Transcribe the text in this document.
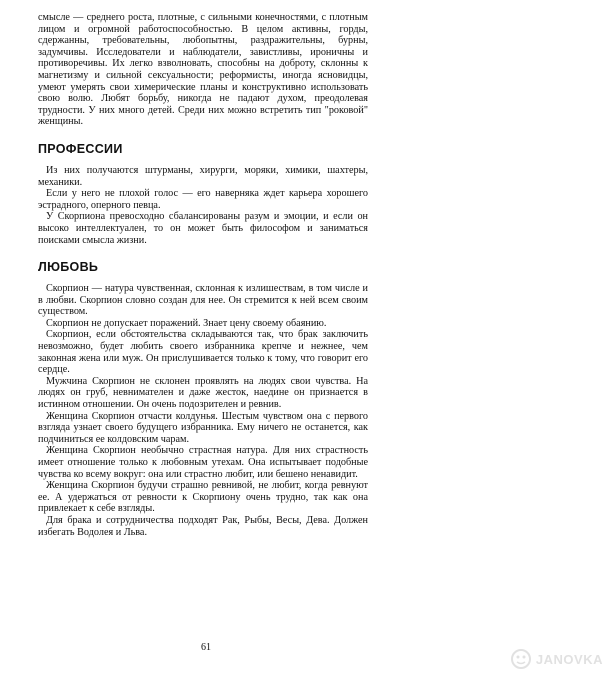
смысле — среднего роста, плотные, с сильными конечностями, с плотным лицом и огромной работоспособностью. В целом активны, горды, сдержанны, требовательны, любопытны, раздражительны, бурны, задумчивы. Исследователи и наблюдатели, завистливы, ироничны и противоречивы. Их легко взволновать, способны на доброту, склонны к магнетизму и сильной сексуальности; реформисты, иногда ясновидцы, умеют умерять свои химерические планы и конструктивно использовать свою волю. Любят борьбу, никогда не падают духом, преодолевая трудности. У них много детей. Среди них можно встретить тип "роковой" женщины.

ПРОФЕССИИ

Из них получаются штурманы, хирурги, моряки, химики, шахтеры, механики.

Если у него не плохой голос — его наверняка ждет карьера хорошего эстрадного, оперного певца.

У Скорпиона превосходно сбалансированы разум и эмоции, и если он высоко интеллектуален, то он может быть философом и заниматься поисками смысла жизни.

ЛЮБОВЬ

Скорпион — натура чувственная, склонная к излишествам, в том числе и в любви. Скорпион словно создан для нее. Он стремится к ней всем своим существом.

Скорпион не допускает поражений. Знает цену своему обаянию.

Скорпион, если обстоятельства складываются так, что брак заключить невозможно, будет любить своего избранника крепче и нежнее, чем законная жена или муж. Он прислушивается только к тому, что говорит его сердце.

Мужчина Скорпион не склонен проявлять на людях свои чувства. На людях он груб, невнимателен и даже жесток, наедине он признается в истинном отношении. Он очень подозрителен и ревнив.

Женщина Скорпион отчасти колдунья. Шестым чувством она с первого взгляда узнает своего будущего избранника. Ему ничего не останется, как подчиниться ее колдовским чарам.

Женщина Скорпион необычно страстная натура. Для них страстность имеет отношение только к любовным утехам. Она испытывает подобные чувства ко всему вокруг: она или страстно любит, или бешено ненавидит.

Женщина Скорпион будучи страшно ревнивой, не любит, когда ревнуют ее. А удержаться от ревности к Скорпиону очень трудно, так как она привлекает к себе взгляды.

Для брака и сотрудничества подходят Рак, Рыбы, Весы, Дева. Должен избегать Водолея и Льва.

61
JANOVKA
